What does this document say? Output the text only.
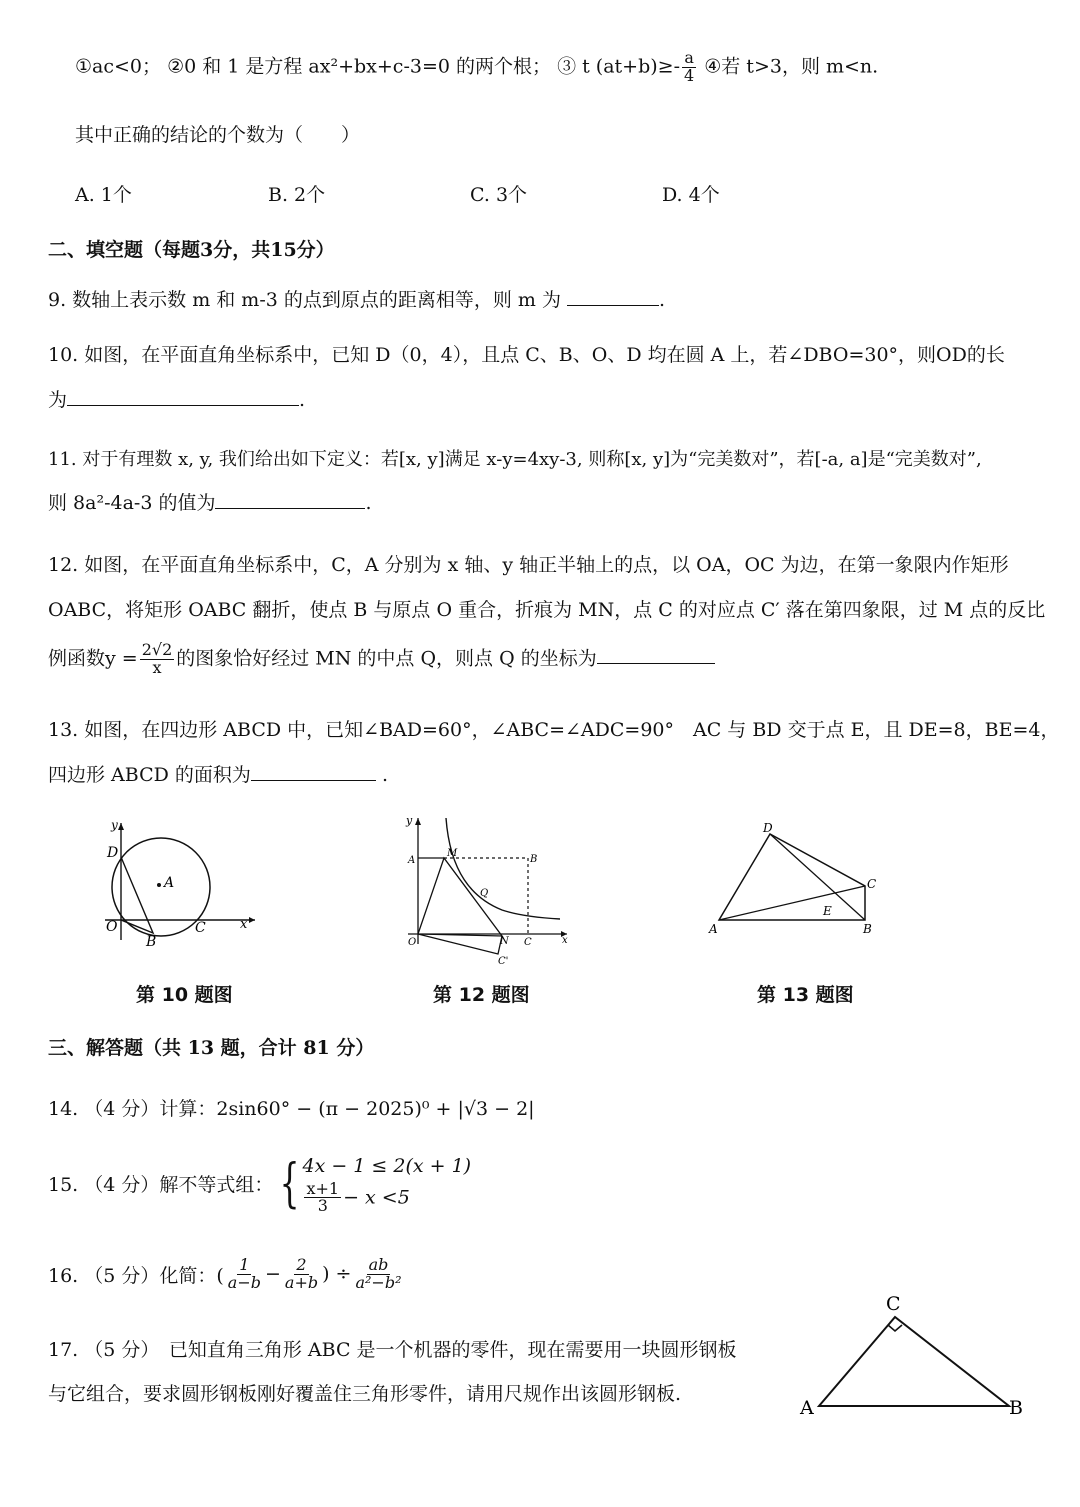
①ac<0； ②0 和 1 是方程 ax²+bx+c-3=0 的两个根； ③ t $(at+b)\ge- \frac{a}{4}$ ④若 t>3，则 m<n.
其中正确的结论的个数为（　　）
A. 1个	B. 2个	C. 3个	D. 4个
二、填空题（每题3分，共15分）
9. 数轴上表示数 m 和 m-3 的点到原点的距离相等，则 m 为	.
10. 如图，在平面直角坐标系中，已知 D（0，4），且点 C、B、O、D 均在圆 A 上，若∠DBO=30°，则OD的长
为	.
11. 对于有理数 x, y, 我们给出如下定义：若[x, y]满足 x-y=4xy-3, 则称[x, y]为“完美数对”，若[-a, a]是“完美数对”,
则 8a²-4a-3 的值为	.
12. 如图，在平面直角坐标系中，C，A 分别为 x 轴、y 轴正半轴上的点，以 OA，OC 为边，在第一象限内作矩形
OABC，将矩形 OABC 翻折，使点 B 与原点 O 重合，折痕为 MN，点 C 的对应点 C′ 落在第四象限，过 M 点的反比
例函数$y = \frac{2√2}{x}$ 的图象恰好经过 MN 的中点 Q，则点 Q 的坐标为
13. 如图，在四边形 ABCD 中，已知∠BAD=60°，∠ABC=∠ADC=90°　AC 与 BD 交于点 E，且 DE=8，BE=4，
四边形 ABCD 的面积为	.
y
D
A
O
B
C	x
第 10 题图
y
A
M
B
Q
O	N C	x
C'
第 12 题图
D
C
E
A	B
第 13 题图
三、解答题（共 13 题，合计 81 分）
14. （4 分）计算：2sin60° − (π − 2025)⁰ + |√3 − 2|
15. （4 分）解不等式组： { 4x − 1 ≤ 2(x + 1)
$\frac{x+1}{3} - x <5$
16. （5 分）化简：( $\frac{1}{a-b} - \frac{2}{a+b}$ ) ÷ $\frac{ab}{\text{a²−b²}}$
17. （5 分）　已知直角三角形 ABC 是一个机器的零件，现在需要用一块圆形钢板
与它组合，要求圆形钢板刚好覆盖住三角形零件，请用尺规作出该圆形钢板.
C
A	B
